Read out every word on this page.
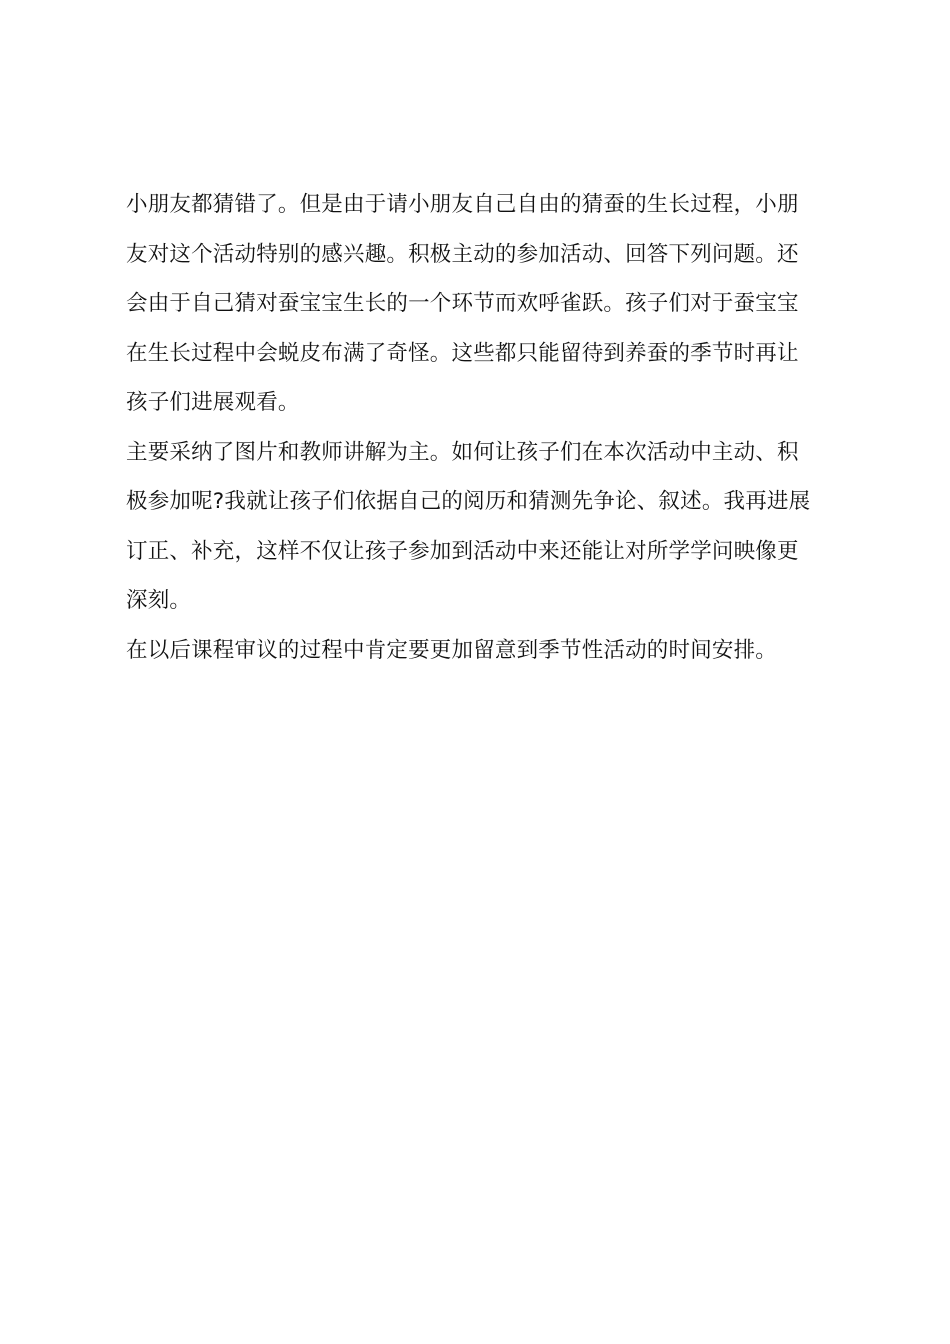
小朋友都猜错了。但是由于请小朋友自己自由的猜蚕的生长过程，小朋
友对这个活动特别的感兴趣。积极主动的参加活动、回答下列问题。还
会由于自己猜对蚕宝宝生长的一个环节而欢呼雀跃。孩子们对于蚕宝宝
在生长过程中会蜕皮布满了奇怪。这些都只能留待到养蚕的季节时再让
孩子们进展观看。

主要采纳了图片和教师讲解为主。如何让孩子们在本次活动中主动、积
极参加呢?我就让孩子们依据自己的阅历和猜测先争论、叙述。我再进展
订正、补充，这样不仅让孩子参加到活动中来还能让对所学学问映像更
深刻。

在以后课程审议的过程中肯定要更加留意到季节性活动的时间安排。
